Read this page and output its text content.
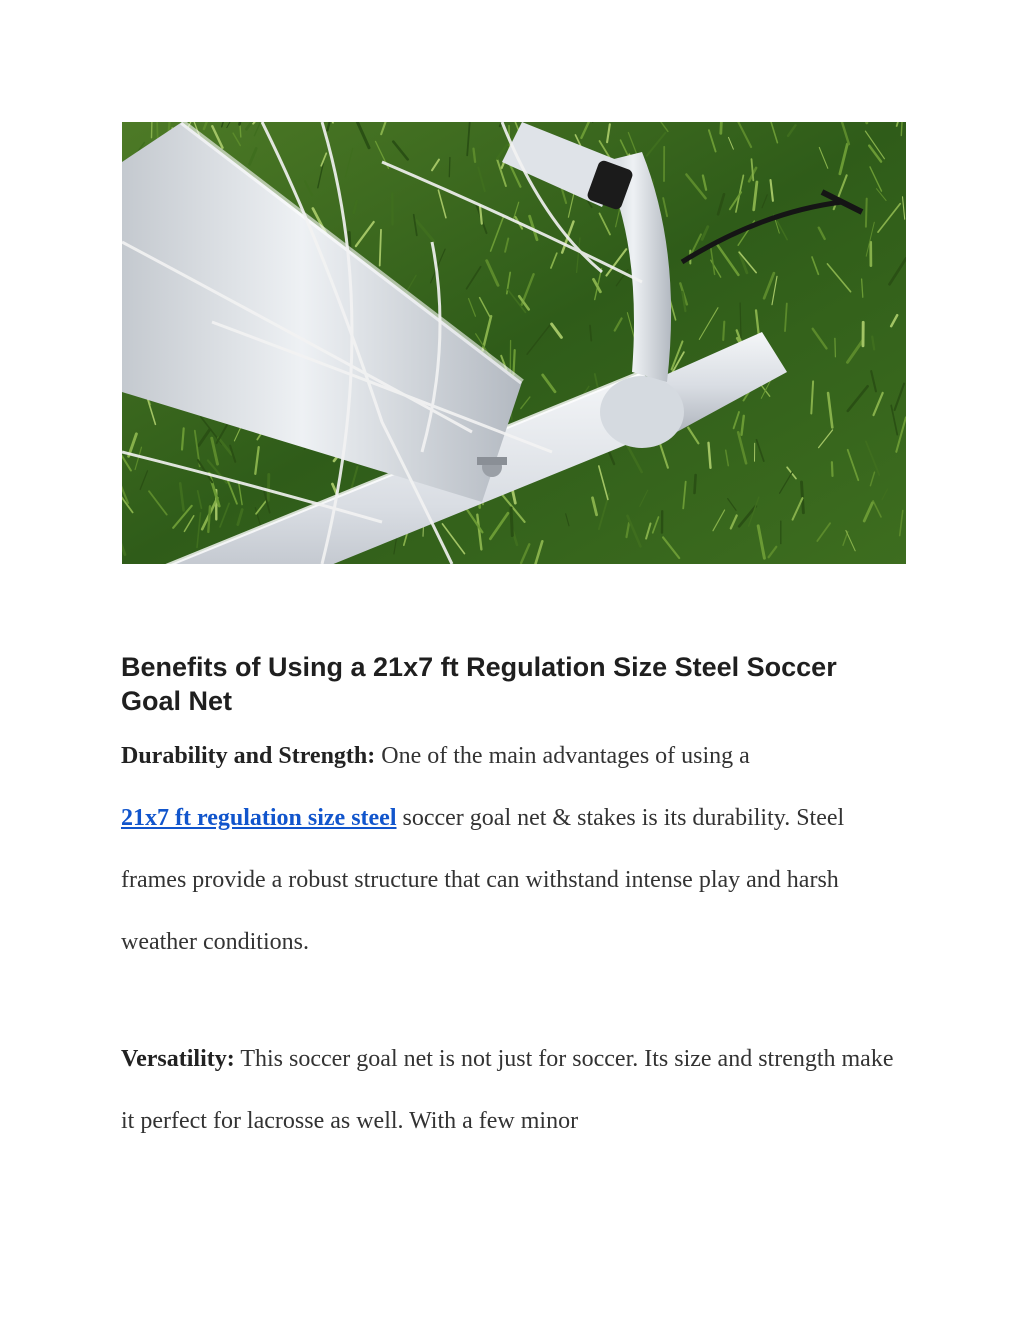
Benefits of Using a 21x7 ft Regulation Size Steel Soccer Goal Net

Durability and Strength: One of the main advantages of using a
21x7 ft regulation size steel soccer goal net & stakes is its durability. Steel frames provide a robust structure that can withstand intense play and harsh weather conditions.

Versatility: This soccer goal net is not just for soccer. Its size and strength make it perfect for lacrosse as well. With a few minor
